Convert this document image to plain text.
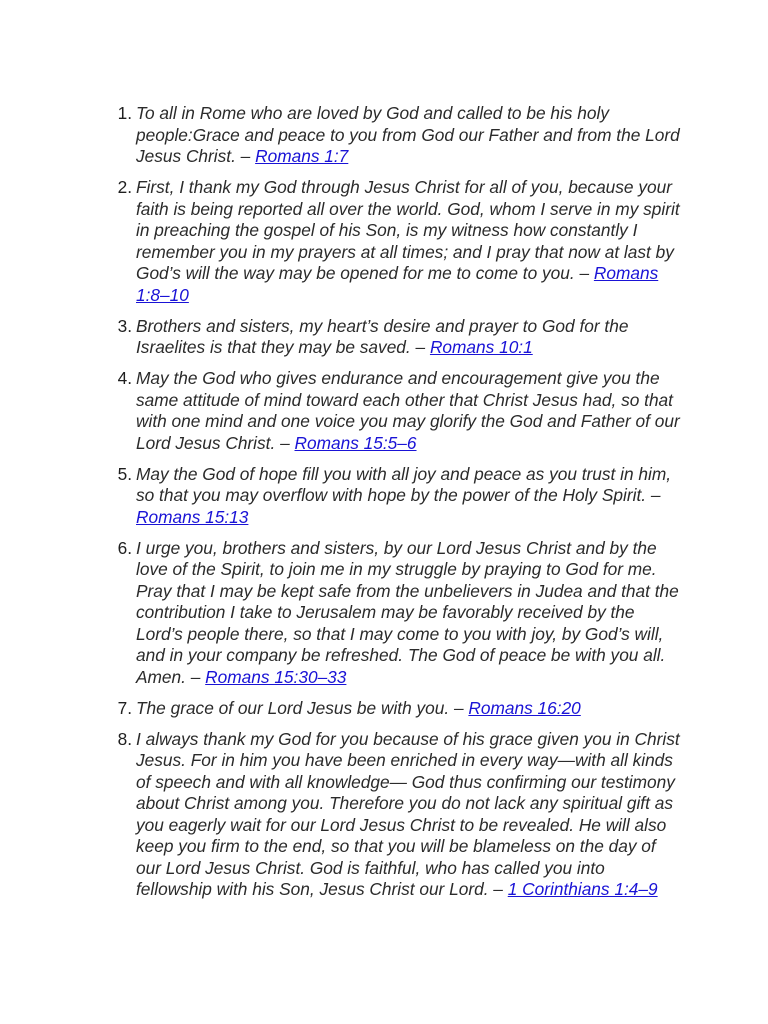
1. To all in Rome who are loved by God and called to be his holy people:Grace and peace to you from God our Father and from the Lord Jesus Christ. – Romans 1:7
2. First, I thank my God through Jesus Christ for all of you, because your faith is being reported all over the world. God, whom I serve in my spirit in preaching the gospel of his Son, is my witness how constantly I remember you in my prayers at all times; and I pray that now at last by God’s will the way may be opened for me to come to you. – Romans 1:8–10
3. Brothers and sisters, my heart’s desire and prayer to God for the Israelites is that they may be saved. – Romans 10:1
4. May the God who gives endurance and encouragement give you the same attitude of mind toward each other that Christ Jesus had, so that with one mind and one voice you may glorify the God and Father of our Lord Jesus Christ. – Romans 15:5–6
5. May the God of hope fill you with all joy and peace as you trust in him, so that you may overflow with hope by the power of the Holy Spirit. – Romans 15:13
6. I urge you, brothers and sisters, by our Lord Jesus Christ and by the love of the Spirit, to join me in my struggle by praying to God for me. Pray that I may be kept safe from the unbelievers in Judea and that the contribution I take to Jerusalem may be favorably received by the Lord’s people there, so that I may come to you with joy, by God’s will, and in your company be refreshed. The God of peace be with you all. Amen. – Romans 15:30–33
7. The grace of our Lord Jesus be with you. – Romans 16:20
8. I always thank my God for you because of his grace given you in Christ Jesus. For in him you have been enriched in every way—with all kinds of speech and with all knowledge— God thus confirming our testimony about Christ among you. Therefore you do not lack any spiritual gift as you eagerly wait for our Lord Jesus Christ to be revealed. He will also keep you firm to the end, so that you will be blameless on the day of our Lord Jesus Christ. God is faithful, who has called you into fellowship with his Son, Jesus Christ our Lord. – 1 Corinthians 1:4–9
